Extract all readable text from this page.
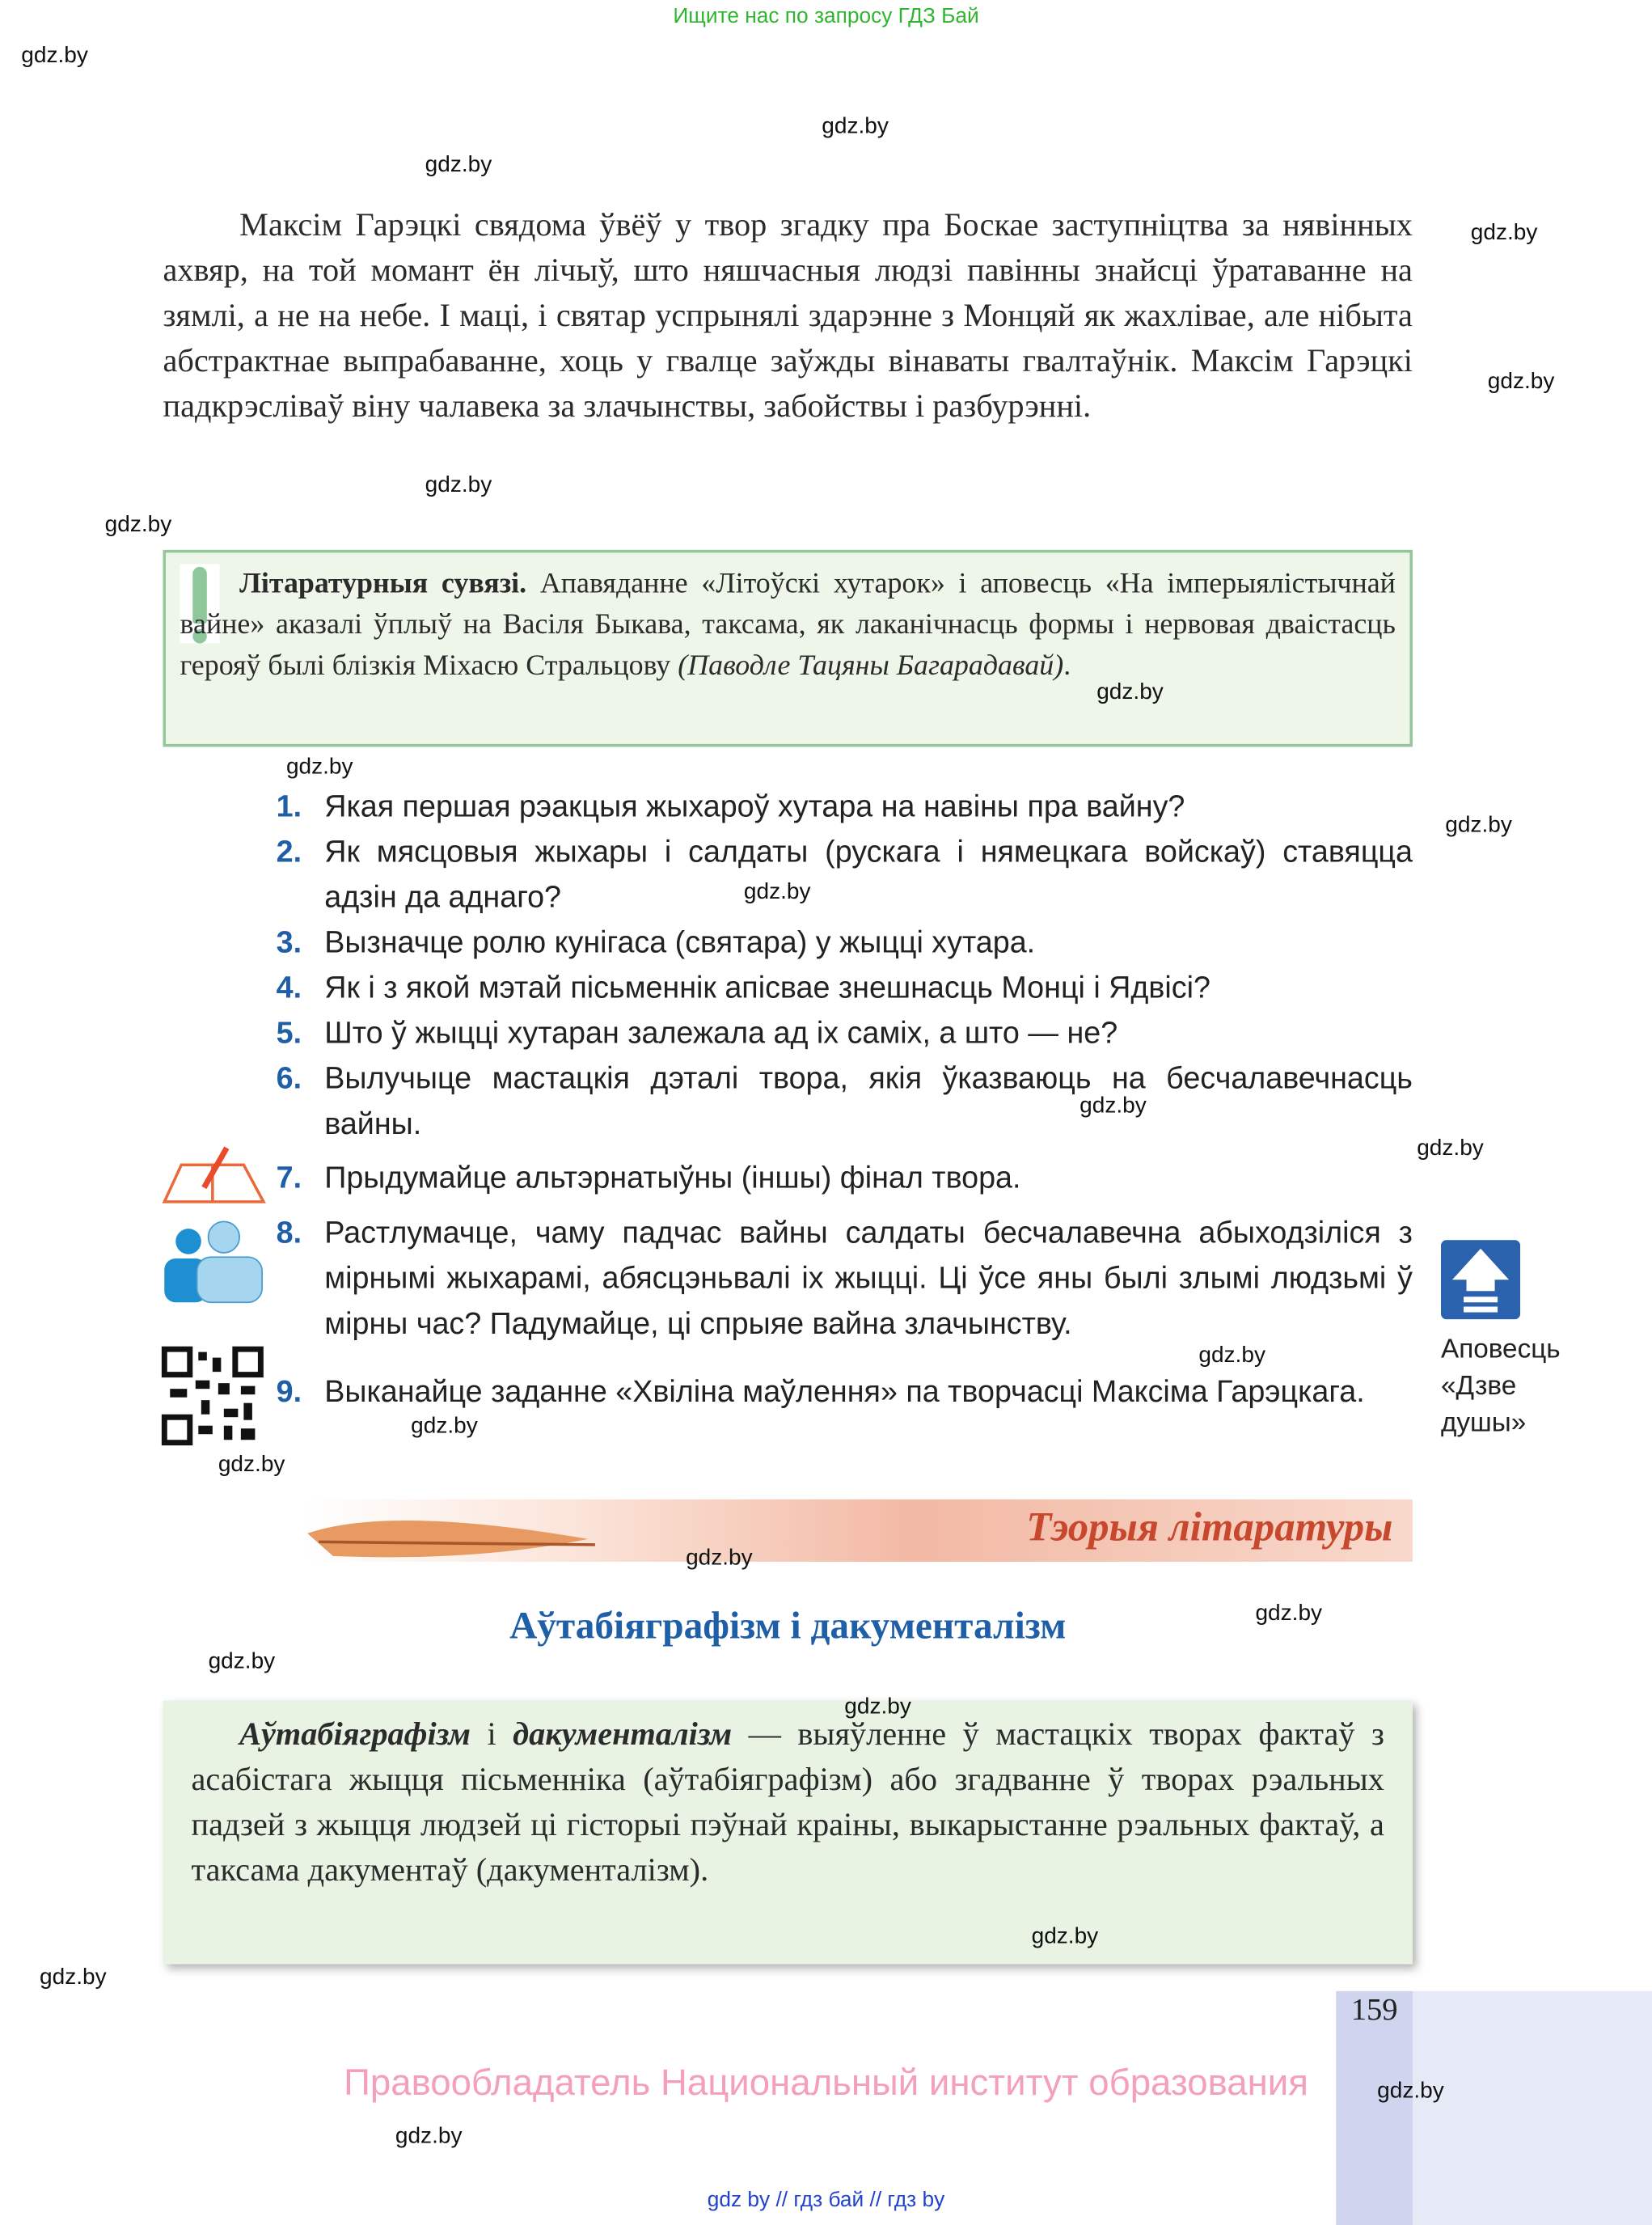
Ищите нас по запросу ГДЗ Бай
Максім Гарэцкі свядома ўвёў у твор згадку пра Боскае заступніцтва за нявінных ахвяр, на той момант ён лічыў, што няшчасныя людзі павінны знайсці ўратаванне на зямлі, а не на небе. І маці, і святар успрынялі здарэнне з Монцяй як жахлівае, але нібыта абстрактнае выпрабаванне, хоць у гвалце заўжды вінаваты гвалтаўнік. Максім Гарэцкі падкрэсліваў віну чалавека за злачынствы, забойствы і разбурэнні.
Літаратурныя сувязі. Апавяданне «Літоўскі хутарок» і аповесць «На імперыялістычнай вайне» аказалі ўплыў на Васіля Быкава, таксама, як лаканічнасць формы і нервовая дваістасць герояў былі блізкія Міхасю Стральцову (Паводле Тацяны Багарадавай).
1. Якая першая рэакцыя жыхароў хутара на навіны пра вайну?
2. Як мясцовыя жыхары і салдаты (рускага і нямецкага войскаў) ставяцца адзін да аднаго?
3. Вызначце ролю кунігаса (святара) у жыцці хутара.
4. Як і з якой мэтай пісьменнік апісвае знешнасць Монці і Ядвісі?
5. Што ў жыцці хутаран залежала ад іх саміх, а што — не?
6. Вылучыце мастацкія дэталі твора, якія ўказваюць на бесчалавечнасць вайны.
7. Прыдумайце альтэрнатыўны (іншы) фінал твора.
8. Растлумачце, чаму падчас вайны салдаты бесчалавечна абыходзіліся з мірнымі жыхарамі, абясцэньвалі іх жыцці. Ці ўсе яны былі злымі людзьмі ў мірны час? Падумайце, ці спрыяе вайна злачынству.
9. Выканайце заданне «Хвіліна маўлення» па творчасці Максіма Гарэцкага.
Аповесць
«Дзве
душы»
Тэорыя літаратуры
Аўтабіяграфізм і дакументалізм
Аўтабіяграфізм і дакументалізм — выяўленне ў мастацкіх творах фактаў з асабістага жыцця пісьменніка (аўтабіяграфізм) або згадванне ў творах рэальных падзей з жыцця людзей ці гісторыі пэўнай краіны, выкарыстанне рэальных фактаў, а таксама дакументаў (дакументалізм).
159
Правообладатель Национальный институт образования
gdz by // гдз бай // гдз by
gdz.by
gdz.by
gdz.by
gdz.by
gdz.by
gdz.by
gdz.by
gdz.by
gdz.by
gdz.by
gdz.by
gdz.by
gdz.by
gdz.by
gdz.by
gdz.by
gdz.by
gdz.by
gdz.by
gdz.by
gdz.by
gdz.by
gdz.by
gdz.by
